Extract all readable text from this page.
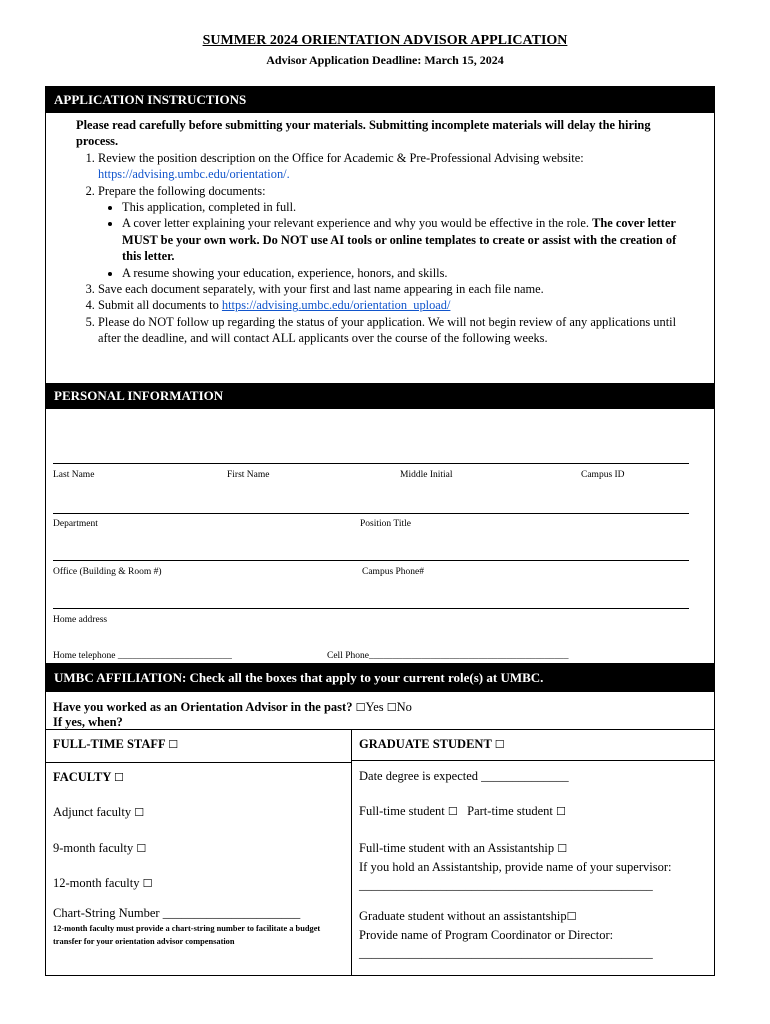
SUMMER 2024 ORIENTATION ADVISOR APPLICATION
Advisor Application Deadline: March 15, 2024
APPLICATION INSTRUCTIONS

Please read carefully before submitting your materials. Submitting incomplete materials will delay the hiring process.

1. Review the position description on the Office for Academic & Pre-Professional Advising website:
https://advising.umbc.edu/orientation/.
2. Prepare the following documents:
• This application, completed in full.
• A cover letter explaining your relevant experience and why you would be effective in the role. The cover letter MUST be your own work. Do NOT use AI tools or online templates to create or assist with the creation of this letter.
• A resume showing your education, experience, honors, and skills.
3. Save each document separately, with your first and last name appearing in each file name.
4. Submit all documents to https://advising.umbc.edu/orientation_upload/
5. Please do NOT follow up regarding the status of your application. We will not begin review of any applications until after the deadline, and will contact ALL applicants over the course of the following weeks.
PERSONAL INFORMATION
Last Name	First Name	Middle Initial	Campus ID
Department	Position Title
Office (Building & Room #)	Campus Phone#
Home address
Home telephone ________________________	Cell Phone__________________________________________
UMBC AFFILIATION: Check all the boxes that apply to your current role(s) at UMBC.
Have you worked as an Orientation Advisor in the past? ☐Yes ☐No
If yes, when?
FULL-TIME STAFF ☐
FACULTY ☐
Adjunct faculty ☐
9-month faculty ☐
12-month faculty ☐
Chart-String Number ______________________
12-month faculty must provide a chart-string number to facilitate a budget transfer for your orientation advisor compensation
GRADUATE STUDENT ☐
Date degree is expected ______________
Full-time student ☐ Part-time student ☐
Full-time student with an Assistantship ☐
If you hold an Assistantship, provide name of your supervisor:
_______________________________________________
Graduate student without an assistantship☐
Provide name of Program Coordinator or Director:
_______________________________________________
